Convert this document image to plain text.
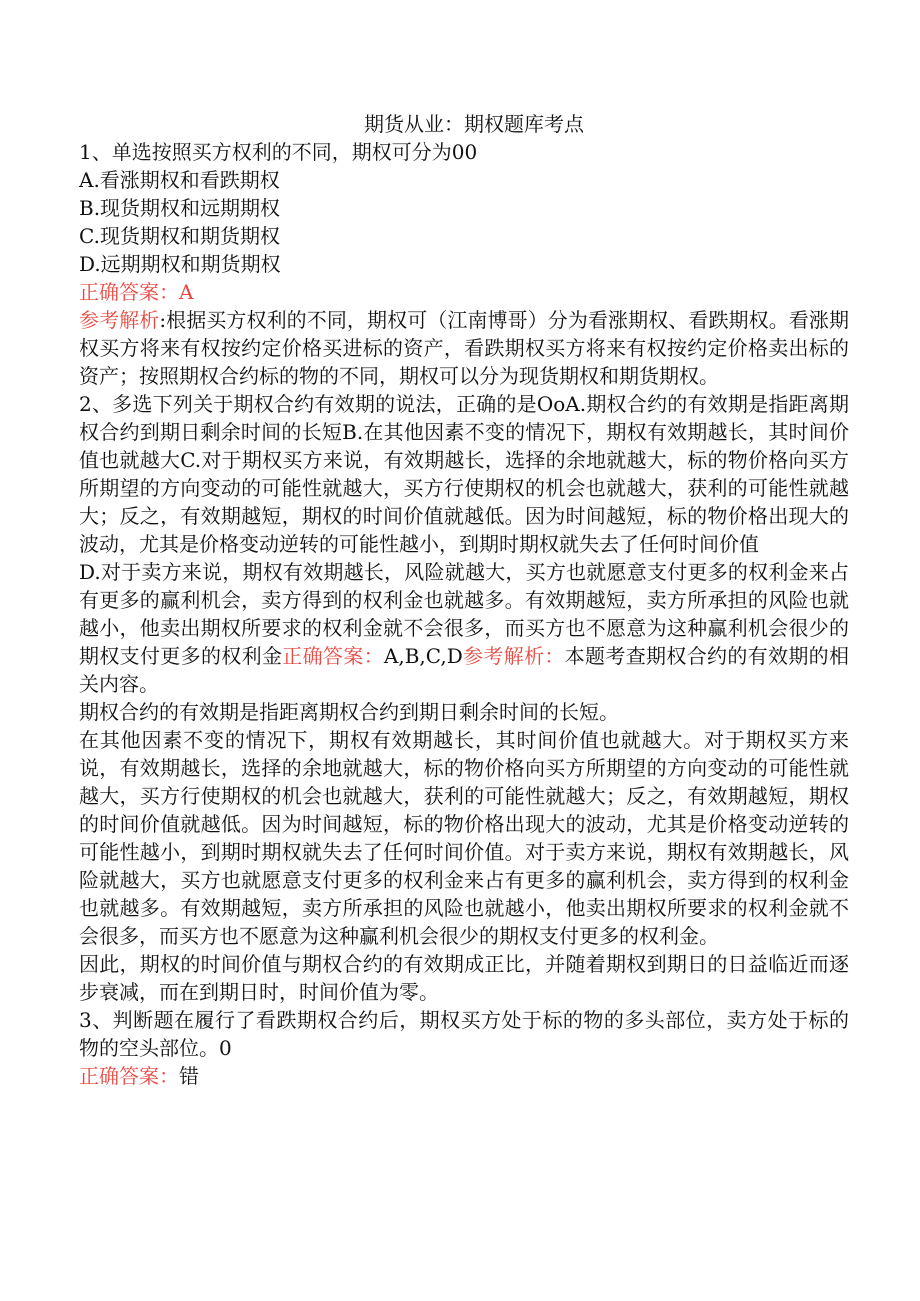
期货从业：期权题库考点

1、单选按照买方权利的不同，期权可分为00

A.看涨期权和看跌期权

B.现货期权和远期期权

C.现货期权和期货期权

D.远期期权和期货期权

正确答案：A

参考解析:根据买方权利的不同，期权可（江南博哥）分为看涨期权、看跌期权。看涨期权买方将来有权按约定价格买进标的资产，看跌期权买方将来有权按约定价格卖出标的资产；按照期权合约标的物的不同，期权可以分为现货期权和期货期权。

2、多选下列关于期权合约有效期的说法，正确的是OoA.期权合约的有效期是指距离期权合约到期日剩余时间的长短B.在其他因素不变的情况下，期权有效期越长，其时间价值也就越大C.对于期权买方来说，有效期越长，选择的余地就越大，标的物价格向买方所期望的方向变动的可能性就越大，买方行使期权的机会也就越大，获利的可能性就越大；反之，有效期越短，期权的时间价值就越低。因为时间越短，标的物价格出现大的波动，尤其是价格变动逆转的可能性越小，到期时期权就失去了任何时间价值

D.对于卖方来说，期权有效期越长，风险就越大，买方也就愿意支付更多的权利金来占有更多的赢利机会，卖方得到的权利金也就越多。有效期越短，卖方所承担的风险也就越小，他卖出期权所要求的权利金就不会很多，而买方也不愿意为这种赢利机会很少的期权支付更多的权利金正确答案：A,B,C,D参考解析：本题考查期权合约的有效期的相关内容。

期权合约的有效期是指距离期权合约到期日剩余时间的长短。

在其他因素不变的情况下，期权有效期越长，其时间价值也就越大。对于期权买方来说，有效期越长，选择的余地就越大，标的物价格向买方所期望的方向变动的可能性就越大，买方行使期权的机会也就越大，获利的可能性就越大；反之，有效期越短，期权的时间价值就越低。因为时间越短，标的物价格出现大的波动，尤其是价格变动逆转的可能性越小，到期时期权就失去了任何时间价值。对于卖方来说，期权有效期越长，风险就越大，买方也就愿意支付更多的权利金来占有更多的赢利机会，卖方得到的权利金也就越多。有效期越短，卖方所承担的风险也就越小，他卖出期权所要求的权利金就不会很多，而买方也不愿意为这种赢利机会很少的期权支付更多的权利金。

因此，期权的时间价值与期权合约的有效期成正比，并随着期权到期日的日益临近而逐步衰减，而在到期日时，时间价值为零。

3、判断题在履行了看跌期权合约后，期权买方处于标的物的多头部位，卖方处于标的物的空头部位。0

正确答案：错
